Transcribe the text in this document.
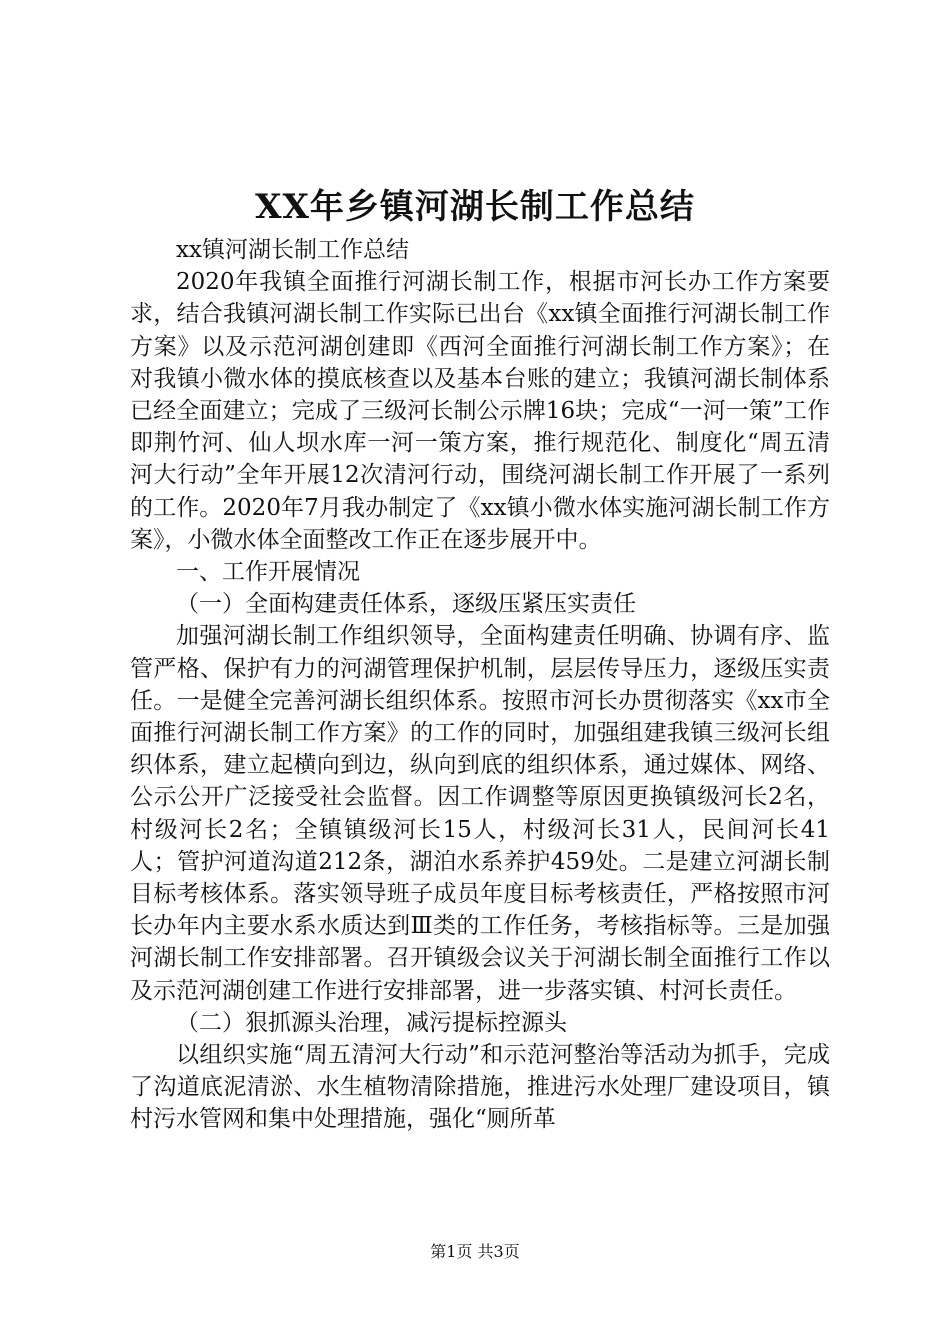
XX年乡镇河湖长制工作总结

xx镇河湖长制工作总结

2020年我镇全面推行河湖长制工作，根据市河长办工作方案要求，结合我镇河湖长制工作实际已出台《xx镇全面推行河湖长制工作方案》以及示范河湖创建即《西河全面推行河湖长制工作方案》；在对我镇小微水体的摸底核查以及基本台账的建立；我镇河湖长制体系已经全面建立；完成了三级河长制公示牌16块；完成“一河一策”工作即荆竹河、仙人坝水库一河一策方案，推行规范化、制度化“周五清河大行动”全年开展12次清河行动，围绕河湖长制工作开展了一系列的工作。2020年7月我办制定了《xx镇小微水体实施河湖长制工作方案》，小微水体全面整改工作正在逐步展开中。

一、工作开展情况

（一）全面构建责任体系，逐级压紧压实责任

加强河湖长制工作组织领导，全面构建责任明确、协调有序、监管严格、保护有力的河湖管理保护机制，层层传导压力，逐级压实责任。一是健全完善河湖长组织体系。按照市河长办贯彻落实《xx市全面推行河湖长制工作方案》的工作的同时，加强组建我镇三级河长组织体系，建立起横向到边，纵向到底的组织体系，通过媒体、网络、公示公开广泛接受社会监督。因工作调整等原因更换镇级河长2名，村级河长2名；全镇镇级河长15人，村级河长31人，民间河长41人；管护河道沟道212条，湖泊水系养护459处。二是建立河湖长制目标考核体系。落实领导班子成员年度目标考核责任，严格按照市河长办年内主要水系水质达到Ⅲ类的工作任务，考核指标等。三是加强河湖长制工作安排部署。召开镇级会议关于河湖长制全面推行工作以及示范河湖创建工作进行安排部署，进一步落实镇、村河长责任。

（二）狠抓源头治理，减污提标控源头

以组织实施“周五清河大行动”和示范河整治等活动为抓手，完成了沟道底泥清淤、水生植物清除措施，推进污水处理厂建设项目，镇村污水管网和集中处理措施，强化“厕所革

第1页 共3页
